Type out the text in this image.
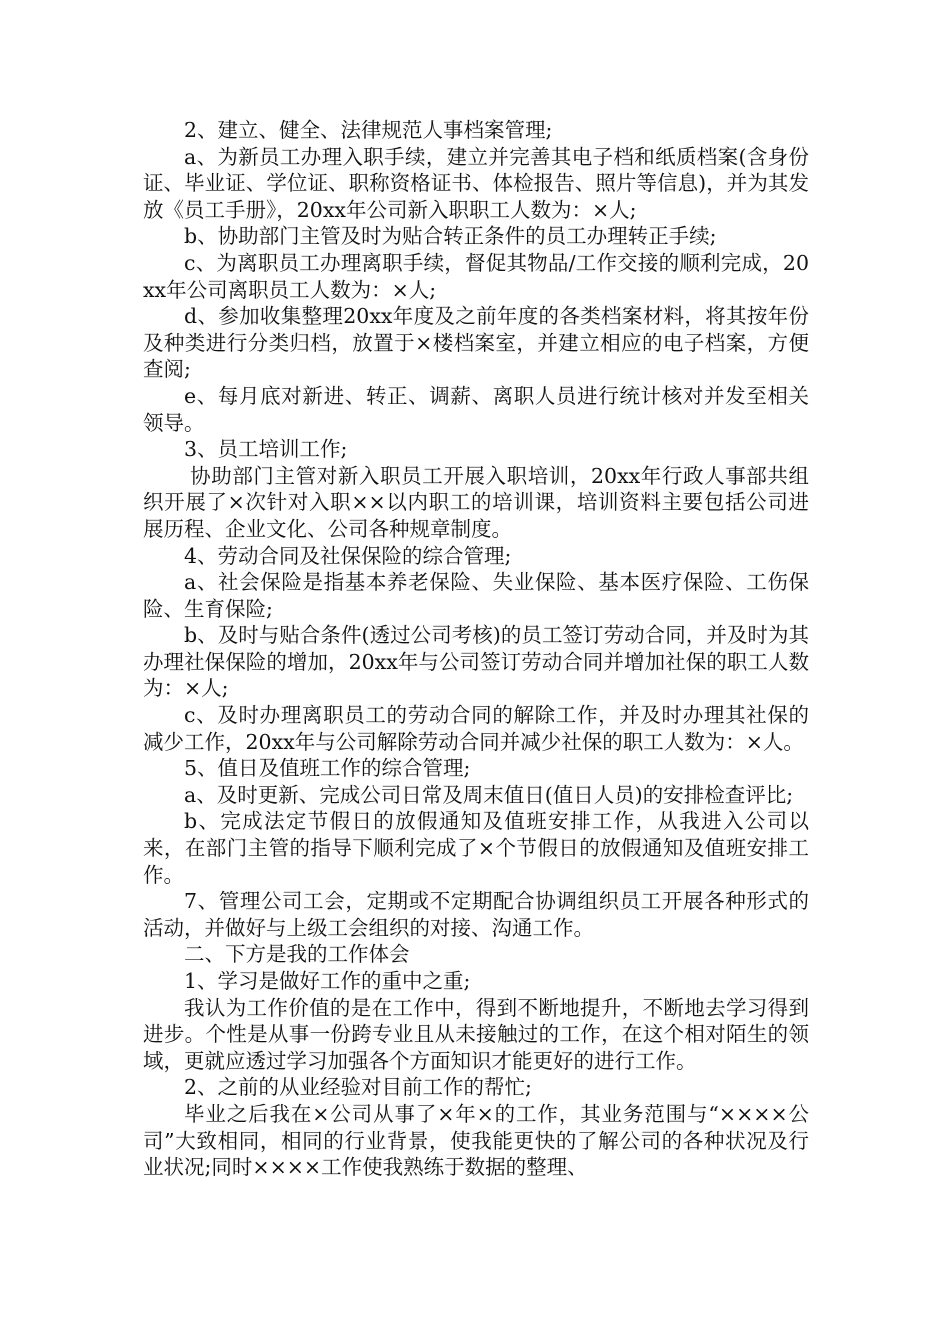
2、建立、健全、法律规范人事档案管理;

a、为新员工办理入职手续，建立并完善其电子档和纸质档案(含身份证、毕业证、学位证、职称资格证书、体检报告、照片等信息)，并为其发放《员工手册》，20xx年公司新入职职工人数为：×人;

b、协助部门主管及时为贴合转正条件的员工办理转正手续;

c、为离职员工办理离职手续，督促其物品/工作交接的顺利完成，20xx年公司离职员工人数为：×人;

d、参加收集整理20xx年度及之前年度的各类档案材料，将其按年份及种类进行分类归档，放置于×楼档案室，并建立相应的电子档案，方便查阅;

e、每月底对新进、转正、调薪、离职人员进行统计核对并发至相关领导。

3、员工培训工作;

协助部门主管对新入职员工开展入职培训，20xx年行政人事部共组织开展了×次针对入职××以内职工的培训课，培训资料主要包括公司进展历程、企业文化、公司各种规章制度。

4、劳动合同及社保保险的综合管理;

a、社会保险是指基本养老保险、失业保险、基本医疗保险、工伤保险、生育保险;

b、及时与贴合条件(透过公司考核)的员工签订劳动合同，并及时为其办理社保保险的增加，20xx年与公司签订劳动合同并增加社保的职工人数为：×人;

c、及时办理离职员工的劳动合同的解除工作，并及时办理其社保的减少工作，20xx年与公司解除劳动合同并减少社保的职工人数为：×人。

5、值日及值班工作的综合管理;

a、及时更新、完成公司日常及周末值日(值日人员)的安排检查评比;

b、完成法定节假日的放假通知及值班安排工作，从我进入公司以来，在部门主管的指导下顺利完成了×个节假日的放假通知及值班安排工作。

7、管理公司工会，定期或不定期配合协调组织员工开展各种形式的活动，并做好与上级工会组织的对接、沟通工作。

二、下方是我的工作体会

1、学习是做好工作的重中之重;

我认为工作价值的是在工作中，得到不断地提升，不断地去学习得到进步。个性是从事一份跨专业且从未接触过的工作，在这个相对陌生的领域，更就应透过学习加强各个方面知识才能更好的进行工作。

2、之前的从业经验对目前工作的帮忙;

毕业之后我在×公司从事了×年×的工作，其业务范围与“××××公司”大致相同，相同的行业背景，使我能更快的了解公司的各种状况及行业状况;同时××××工作使我熟练于数据的整理、
